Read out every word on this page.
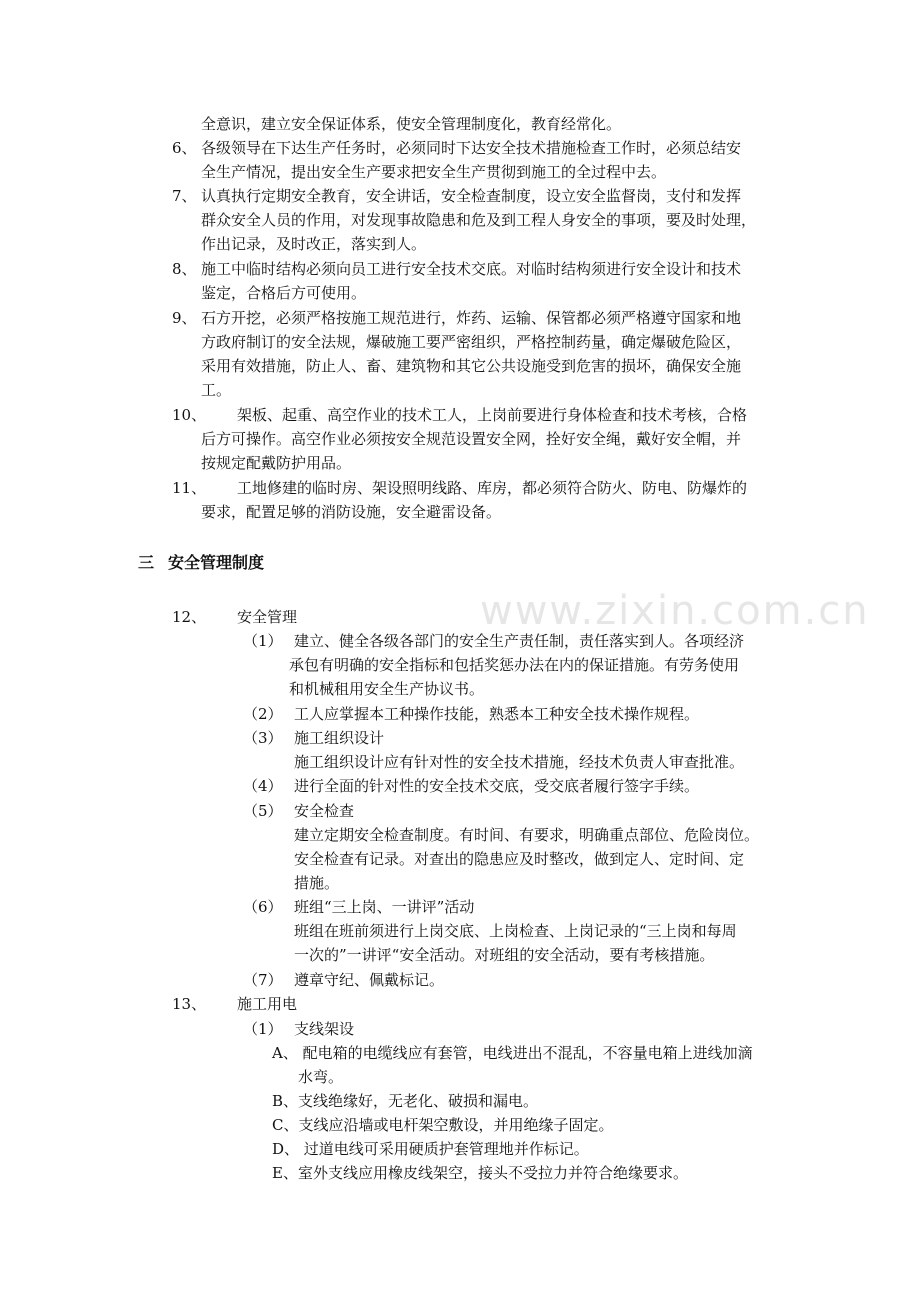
www.zixin.com.cn
全意识，建立安全保证体系，使安全管理制度化，教育经常化。
6、 各级领导在下达生产任务时，必须同时下达安全技术措施检查工作时，必须总结安
全生产情况，提出安全生产要求把安全生产贯彻到施工的全过程中去。
7、 认真执行定期安全教育，安全讲话，安全检查制度，设立安全监督岗，支付和发挥
群众安全人员的作用，对发现事故隐患和危及到工程人身安全的事项，要及时处理，
作出记录，及时改正，落实到人。
8、 施工中临时结构必须向员工进行安全技术交底。对临时结构须进行安全设计和技术
鉴定，合格后方可使用。
9、 石方开挖，必须严格按施工规范进行，炸药、运输、保管都必须严格遵守国家和地
方政府制订的安全法规，爆破施工要严密组织，严格控制药量，确定爆破危险区，
采用有效措施，防止人、畜、建筑物和其它公共设施受到危害的损坏，确保安全施
工。
10、 架板、起重、高空作业的技术工人，上岗前要进行身体检查和技术考核，合格
后方可操作。高空作业必须按安全规范设置安全网，拴好安全绳，戴好安全帽，并
按规定配戴防护用品。
11、 工地修建的临时房、架设照明线路、库房，都必须符合防火、防电、防爆炸的
要求，配置足够的消防设施，安全避雷设备。
三 安全管理制度
12、 安全管理
（1） 建立、健全各级各部门的安全生产责任制，责任落实到人。各项经济
承包有明确的安全指标和包括奖惩办法在内的保证措施。有劳务使用
和机械租用安全生产协议书。
（2） 工人应掌握本工种操作技能，熟悉本工种安全技术操作规程。
（3） 施工组织设计
施工组织设计应有针对性的安全技术措施，经技术负责人审查批准。
（4） 进行全面的针对性的安全技术交底，受交底者履行签字手续。
（5） 安全检查
建立定期安全检查制度。有时间、有要求，明确重点部位、危险岗位。
安全检查有记录。对查出的隐患应及时整改，做到定人、定时间、定
措施。
（6） 班组“三上岗、一讲评”活动
班组在班前须进行上岗交底、上岗检查、上岗记录的“三上岗和每周
一次的”一讲评“安全活动。对班组的安全活动，要有考核措施。
（7） 遵章守纪、佩戴标记。
13、 施工用电
（1） 支线架设
A、 配电箱的电缆线应有套管，电线进出不混乱，不容量电箱上进线加滴
水弯。
B、支线绝缘好，无老化、破损和漏电。
C、支线应沿墙或电杆架空敷设，并用绝缘子固定。
D、 过道电线可采用硬质护套管理地并作标记。
E、室外支线应用橡皮线架空，接头不受拉力并符合绝缘要求。
